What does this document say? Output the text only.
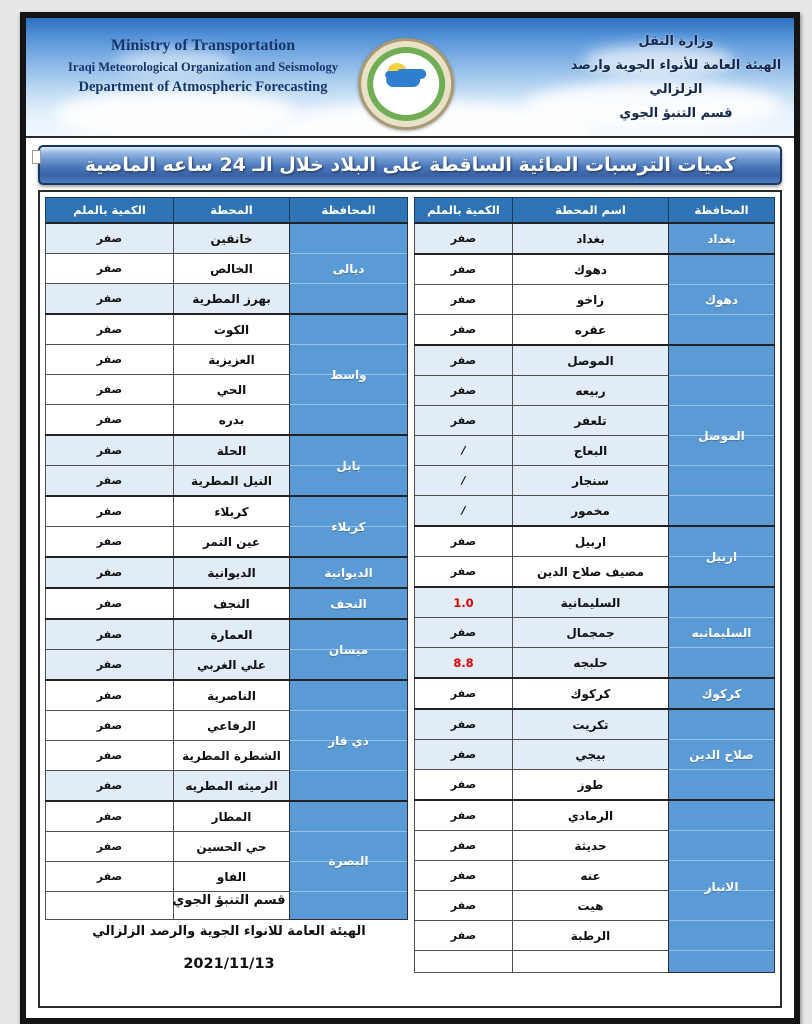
Ministry of Transportation
Iraqi Meteorological Organization and Seismology
Department of Atmospheric Forecasting
وزارة النقل
الهيئة العامة للأنواء الجوية وارصد الزلزالي
قسم التنبؤ الجوي
كميات الترسبات المائية الساقطة على البلاد خلال الـ 24 ساعه الماضية
المحافظة	اسم المحطة	الكمية بالملم
بغداد	بغداد	صفر
دهوك	دهوك	صفر
	زاخو	صفر
	عقره	صفر
الموصل	الموصل	صفر
	ربيعه	صفر
	تلعفر	صفر
	البعاج	/
	سنجار	/
	مخمور	/
اربيل	اربيل	صفر
	مصيف صلاح الدين	صفر
السليمانيه	السليمانية	1.0
	جمجمال	صفر
	حلبجه	8.8
كركوك	كركوك	صفر
صلاح الدين	تكريت	صفر
	بيجي	صفر
	طوز	صفر
الانبار	الرمادي	صفر
	حديثة	صفر
	عنه	صفر
	هيت	صفر
	الرطبة	صفر

المحافظة	المحطة	الكمية بالملم
ديالى	خانقين	صفر
	الخالص	صفر
	بهرز المطرية	صفر
واسط	الكوت	صفر
	العزيزية	صفر
	الحي	صفر
	بدره	صفر
بابل	الحلة	صفر
	النيل المطرية	صفر
كربلاء	كربلاء	صفر
	عين التمر	صفر
الديوانية	الديوانية	صفر
النجف	النجف	صفر
ميسان	العمارة	صفر
	علي الغربي	صفر
ذي قار	الناصرية	صفر
	الرفاعي	صفر
	الشطرة المطرية	صفر
	الرميثه المطريه	صفر
البصرة	المطار	صفر
	حي الحسين	صفر
	الفاو	صفر

قسم التنبؤ الجوي
الهيئة العامة للانواء الجوية والرصد الزلزالي
2021/11/13
